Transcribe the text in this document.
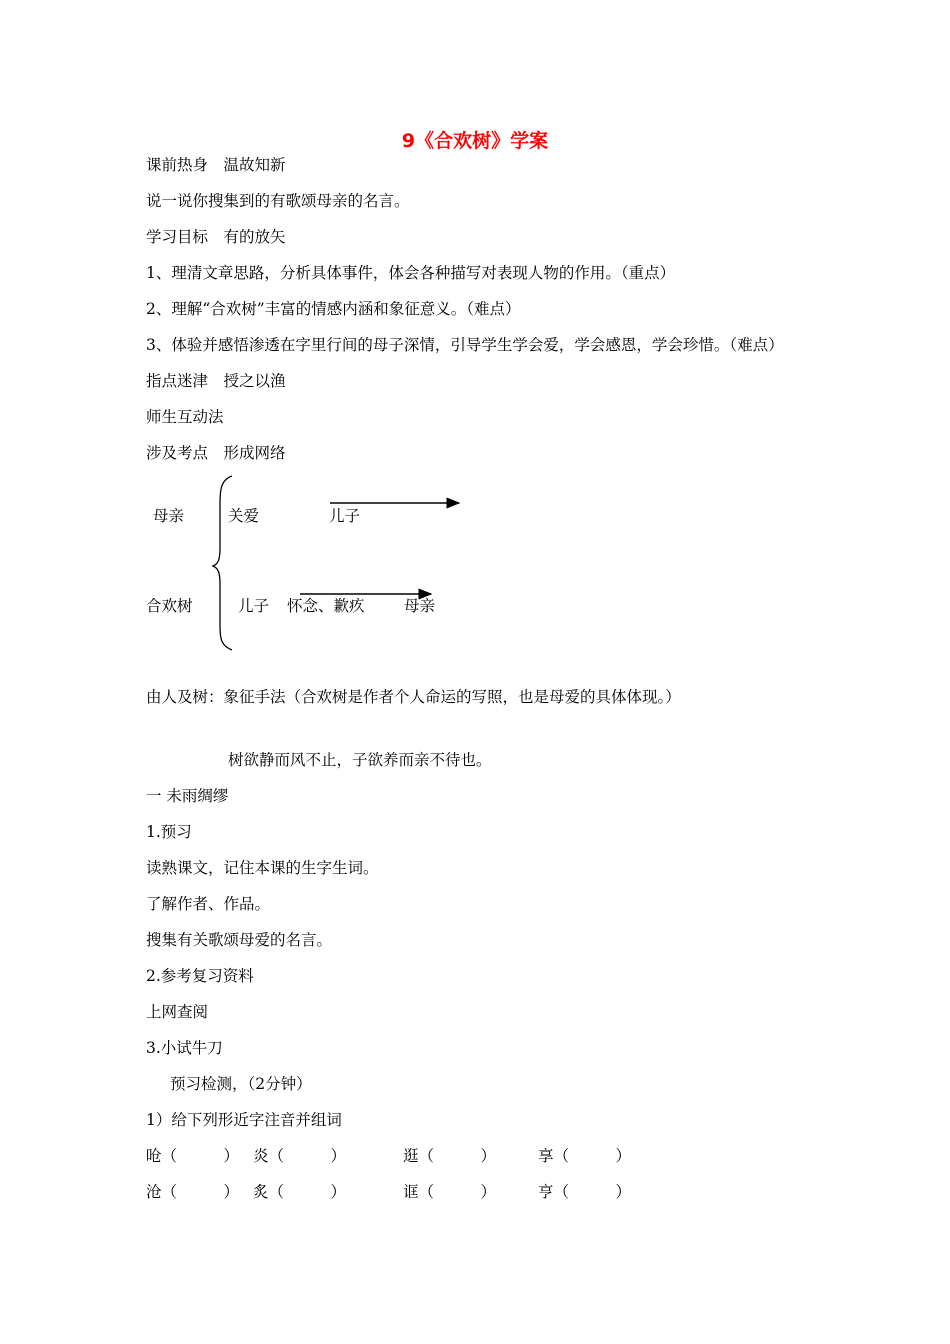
9《合欢树》学案
课前热身　温故知新
说一说你搜集到的有歌颂母亲的名言。
学习目标　有的放矢
1、理清文章思路，分析具体事件，体会各种描写对表现人物的作用。（重点）
2、理解“合欢树”丰富的情感内涵和象征意义。（难点）
3、体验并感悟渗透在字里行间的母子深情，引导学生学会爱，学会感恩，学会珍惜。（难点）
指点迷津　授之以渔
师生互动法
涉及考点　形成网络
母亲	关爱	儿子
合欢树	儿子 怀念、歉疚	母亲
由人及树：象征手法（合欢树是作者个人命运的写照，也是母爱的具体体现。）
树欲静而风不止，子欲养而亲不待也。
一 未雨绸缪
1.预习
读熟课文，记住本课的生字生词。
了解作者、作品。
搜集有关歌颂母爱的名言。
2.参考复习资料
上网查阅
3.小试牛刀
预习检测，（2分钟）
1）给下列形近字注音并组词
呛（　　　） 炎（　　　）	逛（　　　）	享（　　　）
沧（　　　） 炙（　　　）	诓（　　　）	亨（　　　）
